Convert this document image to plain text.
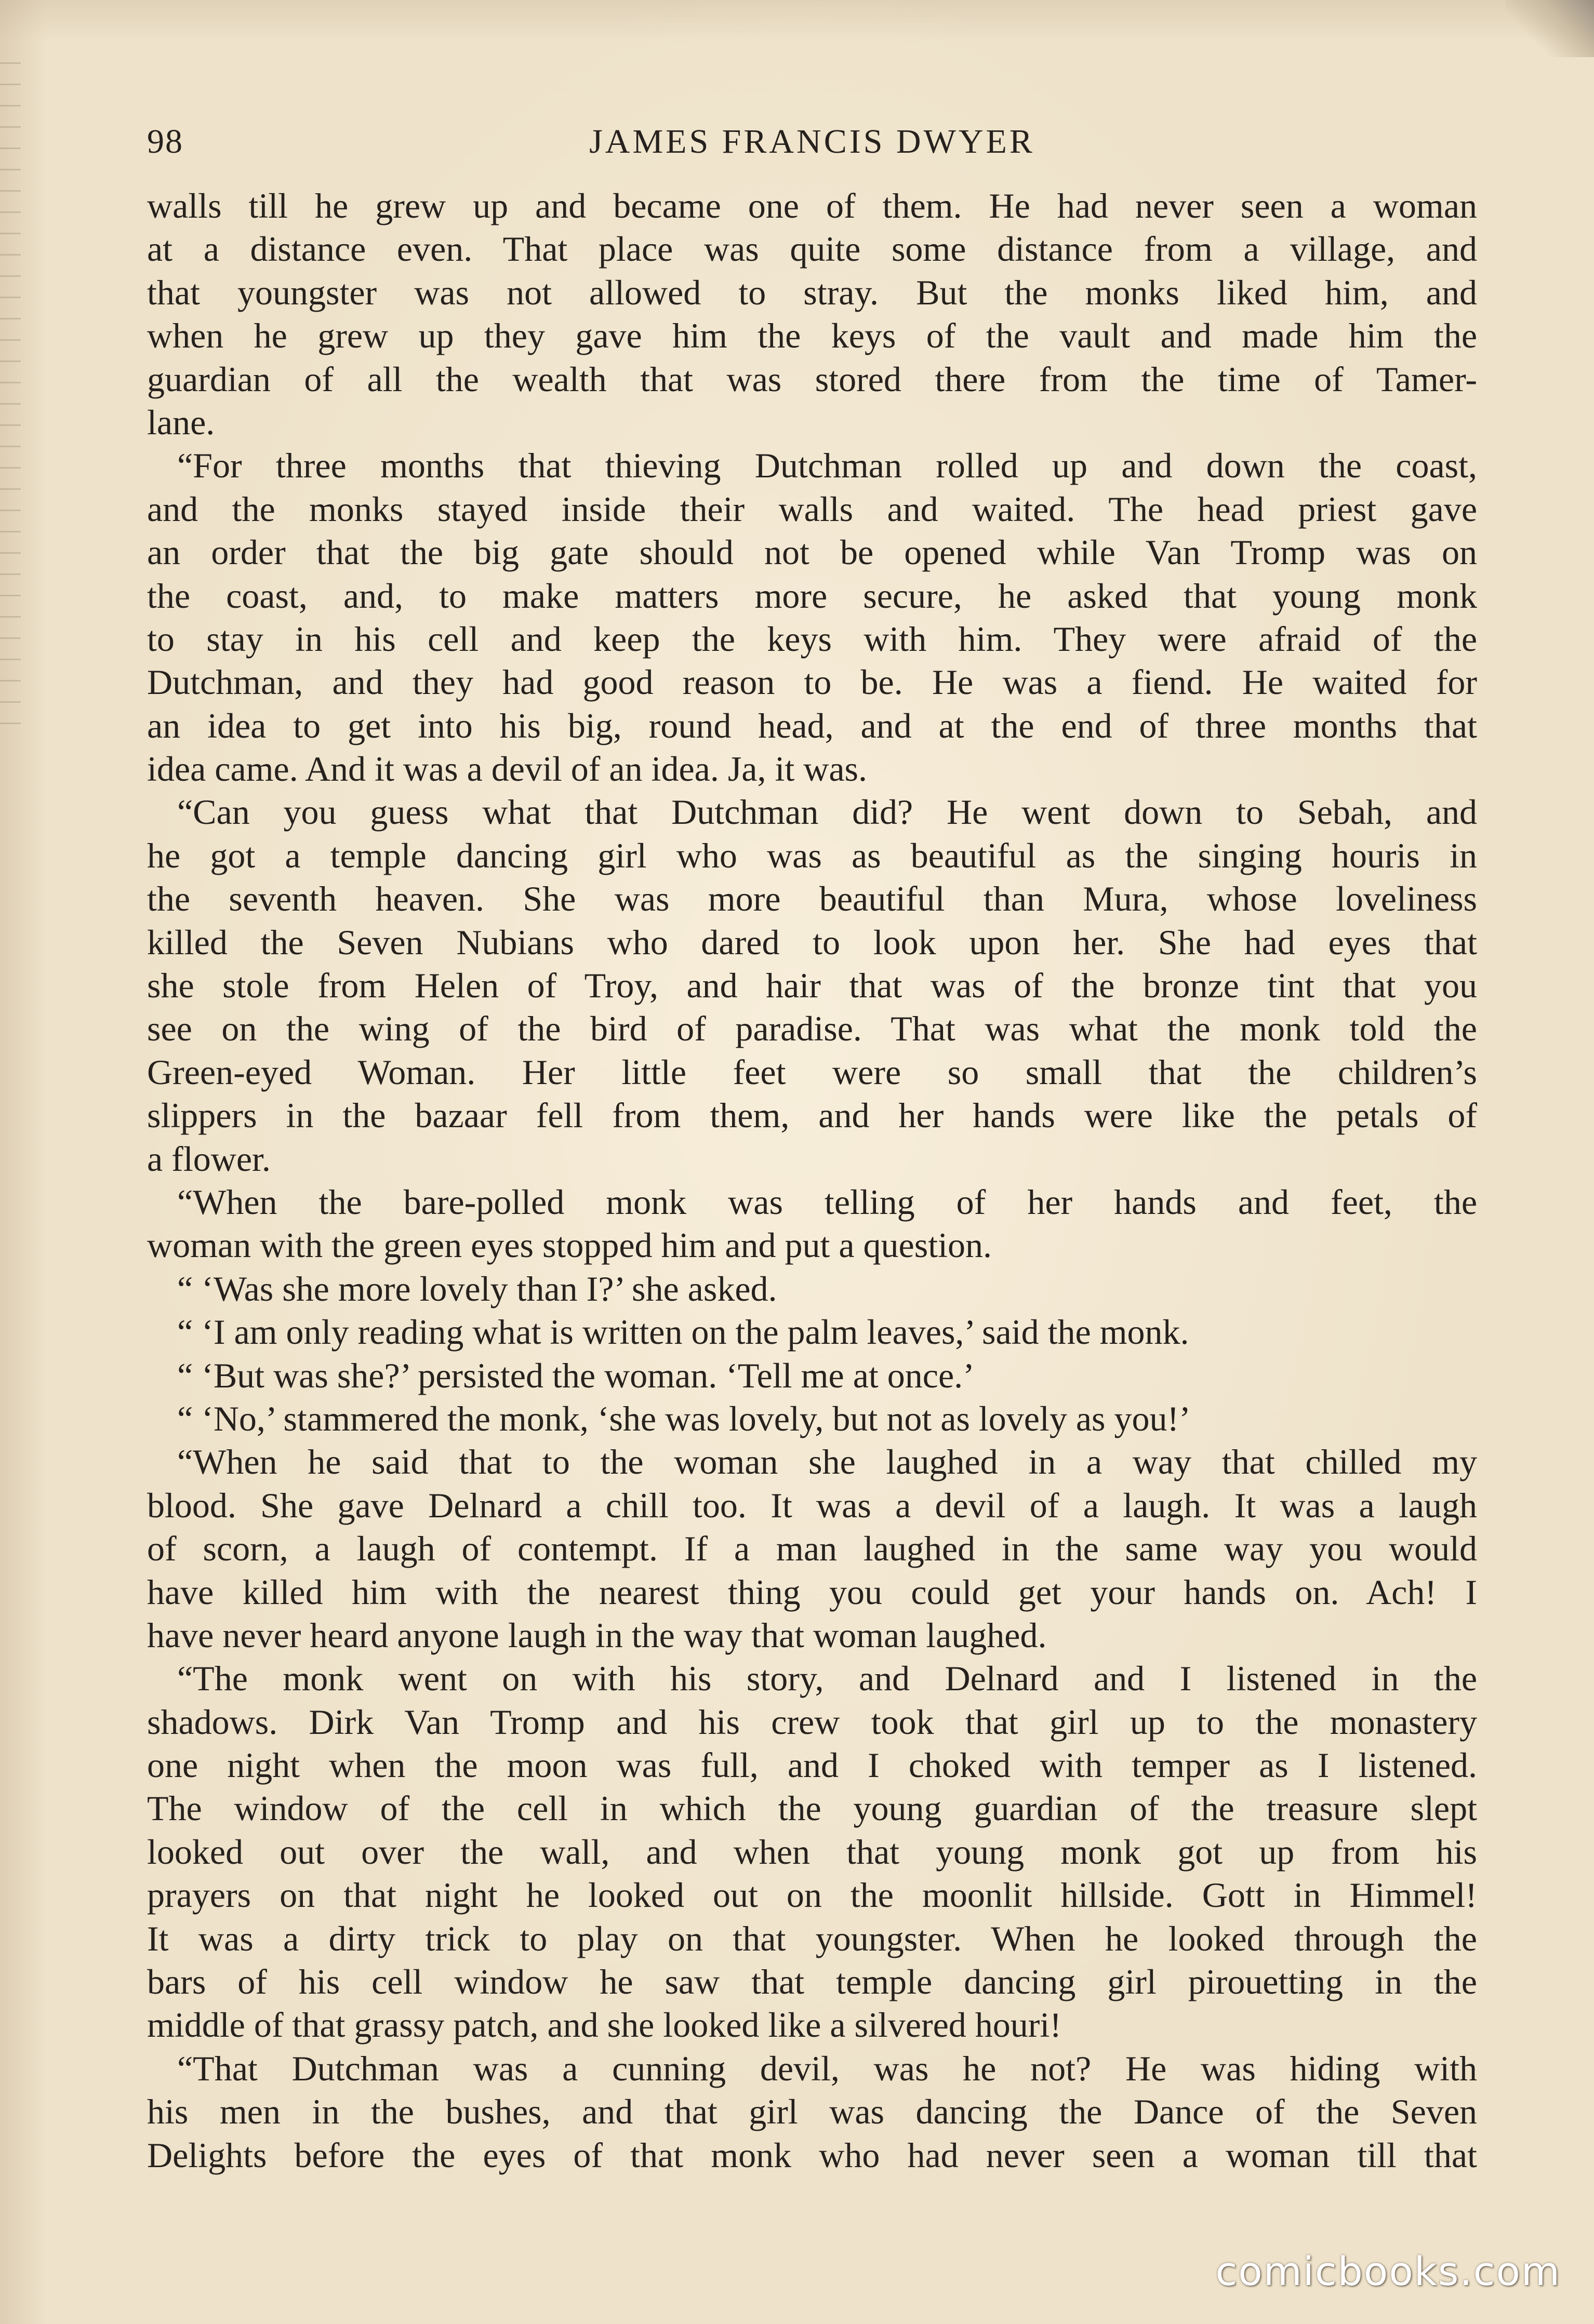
98	JAMES FRANCIS DWYER
walls till he grew up and became one of them. He had never seen a woman
at a distance even. That place was quite some distance from a village, and
that youngster was not allowed to stray. But the monks liked him, and
when he grew up they gave him the keys of the vault and made him the
guardian of all the wealth that was stored there from the time of Tamer-
lane.
“For three months that thieving Dutchman rolled up and down the coast,
and the monks stayed inside their walls and waited. The head priest gave
an order that the big gate should not be opened while Van Tromp was on
the coast, and, to make matters more secure, he asked that young monk
to stay in his cell and keep the keys with him. They were afraid of the
Dutchman, and they had good reason to be. He was a fiend. He waited for
an idea to get into his big, round head, and at the end of three months that
idea came. And it was a devil of an idea. Ja, it was.
“Can you guess what that Dutchman did? He went down to Sebah, and
he got a temple dancing girl who was as beautiful as the singing houris in
the seventh heaven. She was more beautiful than Mura, whose loveliness
killed the Seven Nubians who dared to look upon her. She had eyes that
she stole from Helen of Troy, and hair that was of the bronze tint that you
see on the wing of the bird of paradise. That was what the monk told the
Green-eyed Woman. Her little feet were so small that the children’s
slippers in the bazaar fell from them, and her hands were like the petals of
a flower.
“When the bare-polled monk was telling of her hands and feet, the
woman with the green eyes stopped him and put a question.
“ ‘Was she more lovely than I?’ she asked.
“ ‘I am only reading what is written on the palm leaves,’ said the monk.
“ ‘But was she?’ persisted the woman. ‘Tell me at once.’
“ ‘No,’ stammered the monk, ‘she was lovely, but not as lovely as you!’
“When he said that to the woman she laughed in a way that chilled my
blood. She gave Delnard a chill too. It was a devil of a laugh. It was a laugh
of scorn, a laugh of contempt. If a man laughed in the same way you would
have killed him with the nearest thing you could get your hands on. Ach! I
have never heard anyone laugh in the way that woman laughed.
“The monk went on with his story, and Delnard and I listened in the
shadows. Dirk Van Tromp and his crew took that girl up to the monastery
one night when the moon was full, and I choked with temper as I listened.
The window of the cell in which the young guardian of the treasure slept
looked out over the wall, and when that young monk got up from his
prayers on that night he looked out on the moonlit hillside. Gott in Himmel!
It was a dirty trick to play on that youngster. When he looked through the
bars of his cell window he saw that temple dancing girl pirouetting in the
middle of that grassy patch, and she looked like a silvered houri!
“That Dutchman was a cunning devil, was he not? He was hiding with
his men in the bushes, and that girl was dancing the Dance of the Seven
Delights before the eyes of that monk who had never seen a woman till that
comicbooks.com
